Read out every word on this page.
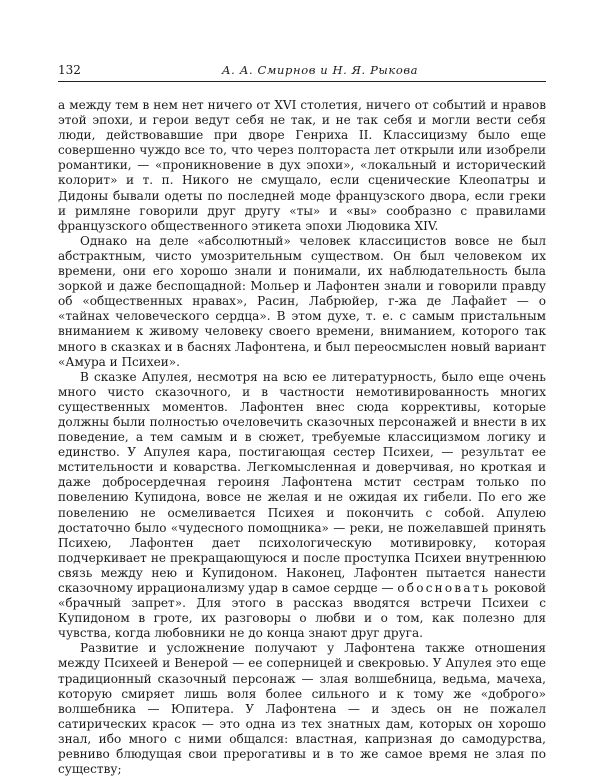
132	А. А. Смирнов и Н. Я. Рыкова

а между тем в нем нет ничего от XVI столетия, ничего от событий и нравов этой эпохи, и герои ведут себя не так, и не так себя и могли вести себя люди, действовавшие при дворе Генриха II. Классицизму было еще совершенно чуждо все то, что через полтораста лет открыли или изобрели романтики, — «проникновение в дух эпохи», «локальный и исторический колорит» и т. п. Никого не смущало, если сценические Клеопатры и Дидоны бывали одеты по последней моде французского двора, если греки и римляне говорили друг другу «ты» и «вы» сообразно с правилами французского общественного этикета эпохи Людовика XIV.

Однако на деле «абсолютный» человек классицистов вовсе не был абстрактным, чисто умозрительным существом. Он был человеком их времени, они его хорошо знали и понимали, их наблюдательность была зоркой и даже беспощадной: Мольер и Лафонтен знали и говорили правду об «общественных нравах», Расин, Лабрюйер, г-жа де Лафайет — о «тайнах человеческого сердца». В этом духе, т. е. с самым пристальным вниманием к живому человеку своего времени, вниманием, которого так много в сказках и в баснях Лафонтена, и был переосмыслен новый вариант «Амура и Психеи».

В сказке Апулея, несмотря на всю ее литературность, было еще очень много чисто сказочного, и в частности немотивированность многих существенных моментов. Лафонтен внес сюда коррективы, которые должны были полностью очеловечить сказочных персонажей и внести в их поведение, а тем самым и в сюжет, требуемые классицизмом логику и единство. У Апулея кара, постигающая сестер Психеи, — результат ее мстительности и коварства. Легкомысленная и доверчивая, но кроткая и даже добросердечная героиня Лафонтена мстит сестрам только по повелению Купидона, вовсе не желая и не ожидая их гибели. По его же повелению не осмеливается Психея и покончить с собой. Апулею достаточно было «чудесного помощника» — реки, не пожелавшей принять Психею, Лафонтен дает психологическую мотивировку, которая подчеркивает не прекращающуюся и после проступка Психеи внутреннюю связь между нею и Купидоном. Наконец, Лафонтен пытается нанести сказочному иррационализму удар в самое сердце — обосновать роковой «брачный запрет». Для этого в рассказ вводятся встречи Психеи с Купидоном в гроте, их разговоры о любви и о том, как полезно для чувства, когда любовники не до конца знают друг друга.

Развитие и усложнение получают у Лафонтена также отношения между Психеей и Венерой — ее соперницей и свекровью. У Апулея это еще традиционный сказочный персонаж — злая волшебница, ведьма, мачеха, которую смиряет лишь воля более сильного и к тому же «доброго» волшебника — Юпитера. У Лафонтена — и здесь он не пожалел сатирических красок — это одна из тех знатных дам, которых он хорошо знал, ибо много с ними общался: властная, капризная до самодурства, ревниво блюдущая свои прерогативы и в то же самое время не злая по существу;
